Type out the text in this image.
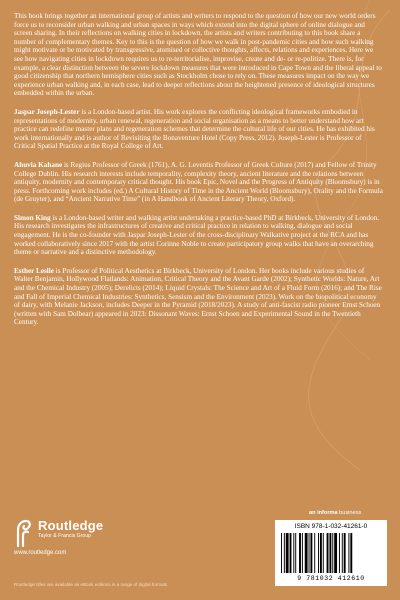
This book brings together an international group of artists and writers to respond to the question of how our new world orders force us to reconsider urban walking and urban spaces in ways which extend into the digital sphere of online dialogue and screen sharing. In their reflections on walking cities in lockdown, the artists and writers contributing to this book share a number of complementary themes. Key to this is the question of how we walk in post-pandemic cities and how such walking might motivate or be motivated by transgressive, atomised or collective thoughts, affects, relations and experiences. Here we see how navigating cities in lockdown requires us to re-territorialise, improvise, create and de- or re-politize. There is, for example, a clear distinction between the severe lockdown measures that were introduced in Cape Town and the liberal appeal to good citizenship that northern hemisphere cities such as Stockholm chose to rely on. These measures impact on the way we experience urban walking and, in each case, lead to deeper reflections about the heightened presence of ideological structures embedded within the urban.

Jaspar Joseph-Lester is a London-based artist. His work explores the conflicting ideological frameworks embodied in representations of modernity, urban renewal, regeneration and social organisation as a means to better understand how art practice can redefine master plans and regeneration schemes that determine the cultural life of our cities. He has exhibited his work internationally and is author of Revisiting the Bonaventure Hotel (Copy Press, 2012). Joseph-Lester is Professor of Critical Spatial Practice at the Royal College of Art.

Ahuvia Kahane is Regius Professor of Greek (1761), A. G. Leventis Professor of Greek Culture (2017) and Fellow of Trinity College Dublin. His research interests include temporality, complexity theory, ancient literature and the relations between antiquity, modernity and contemporary critical thought. His book Epic, Novel and the Progress of Antiquity (Bloomsbury) is in press. Forthcoming work includes (ed.) A Cultural History of Time in the Ancient World (Bloomsbury), Orality and the Formula (de Gruyter), and “Ancient Narrative Time” (in A Handbook of Ancient Literary Theory, Oxford).

Simon King is a London-based writer and walking artist undertaking a practice-based PhD at Birkbeck, University of London. His research investigates the infrastructures of creative and critical practice in relation to walking, dialogue and social engagement. He is the co-founder with Jaspar Joseph-Lester of the cross-disciplinary Walkative project at the RCA and has worked collaboratively since 2017 with the artist Corinne Noble to create participatory group walks that have an overarching theme or narrative and a distinctive methodology.

Esther Leslie is Professor of Political Aesthetics at Birkbeck, University of London. Her books include various studies of Walter Benjamin, Hollywood Flatlands: Animation, Critical Theory and the Avant Garde (2002); Synthetic Worlds: Nature, Art and the Chemical Industry (2005); Derelicts (2014); Liquid Crystals: The Science and Art of a Fluid Form (2016); and The Rise and Fall of Imperial Chemical Industries: Synthetics, Sensism and the Environment (2023). Work on the biopolitical economy of dairy, with Melanie Jackson, includes Deeper in the Pyramid (2018/2023). A study of anti-fascist radio pioneer Ernst Schoen (written with Sam Dolbear) appeared in 2023: Dissonant Waves: Ernst Schoen and Experimental Sound in the Twentieth Century.

Routledge
Taylor & Francis Group
www.routledge.com
Routledge titles are available as eBook editions in a range of digital formats
an informa business
ISBN 978-1-032-41261-0
9 781032 412610
